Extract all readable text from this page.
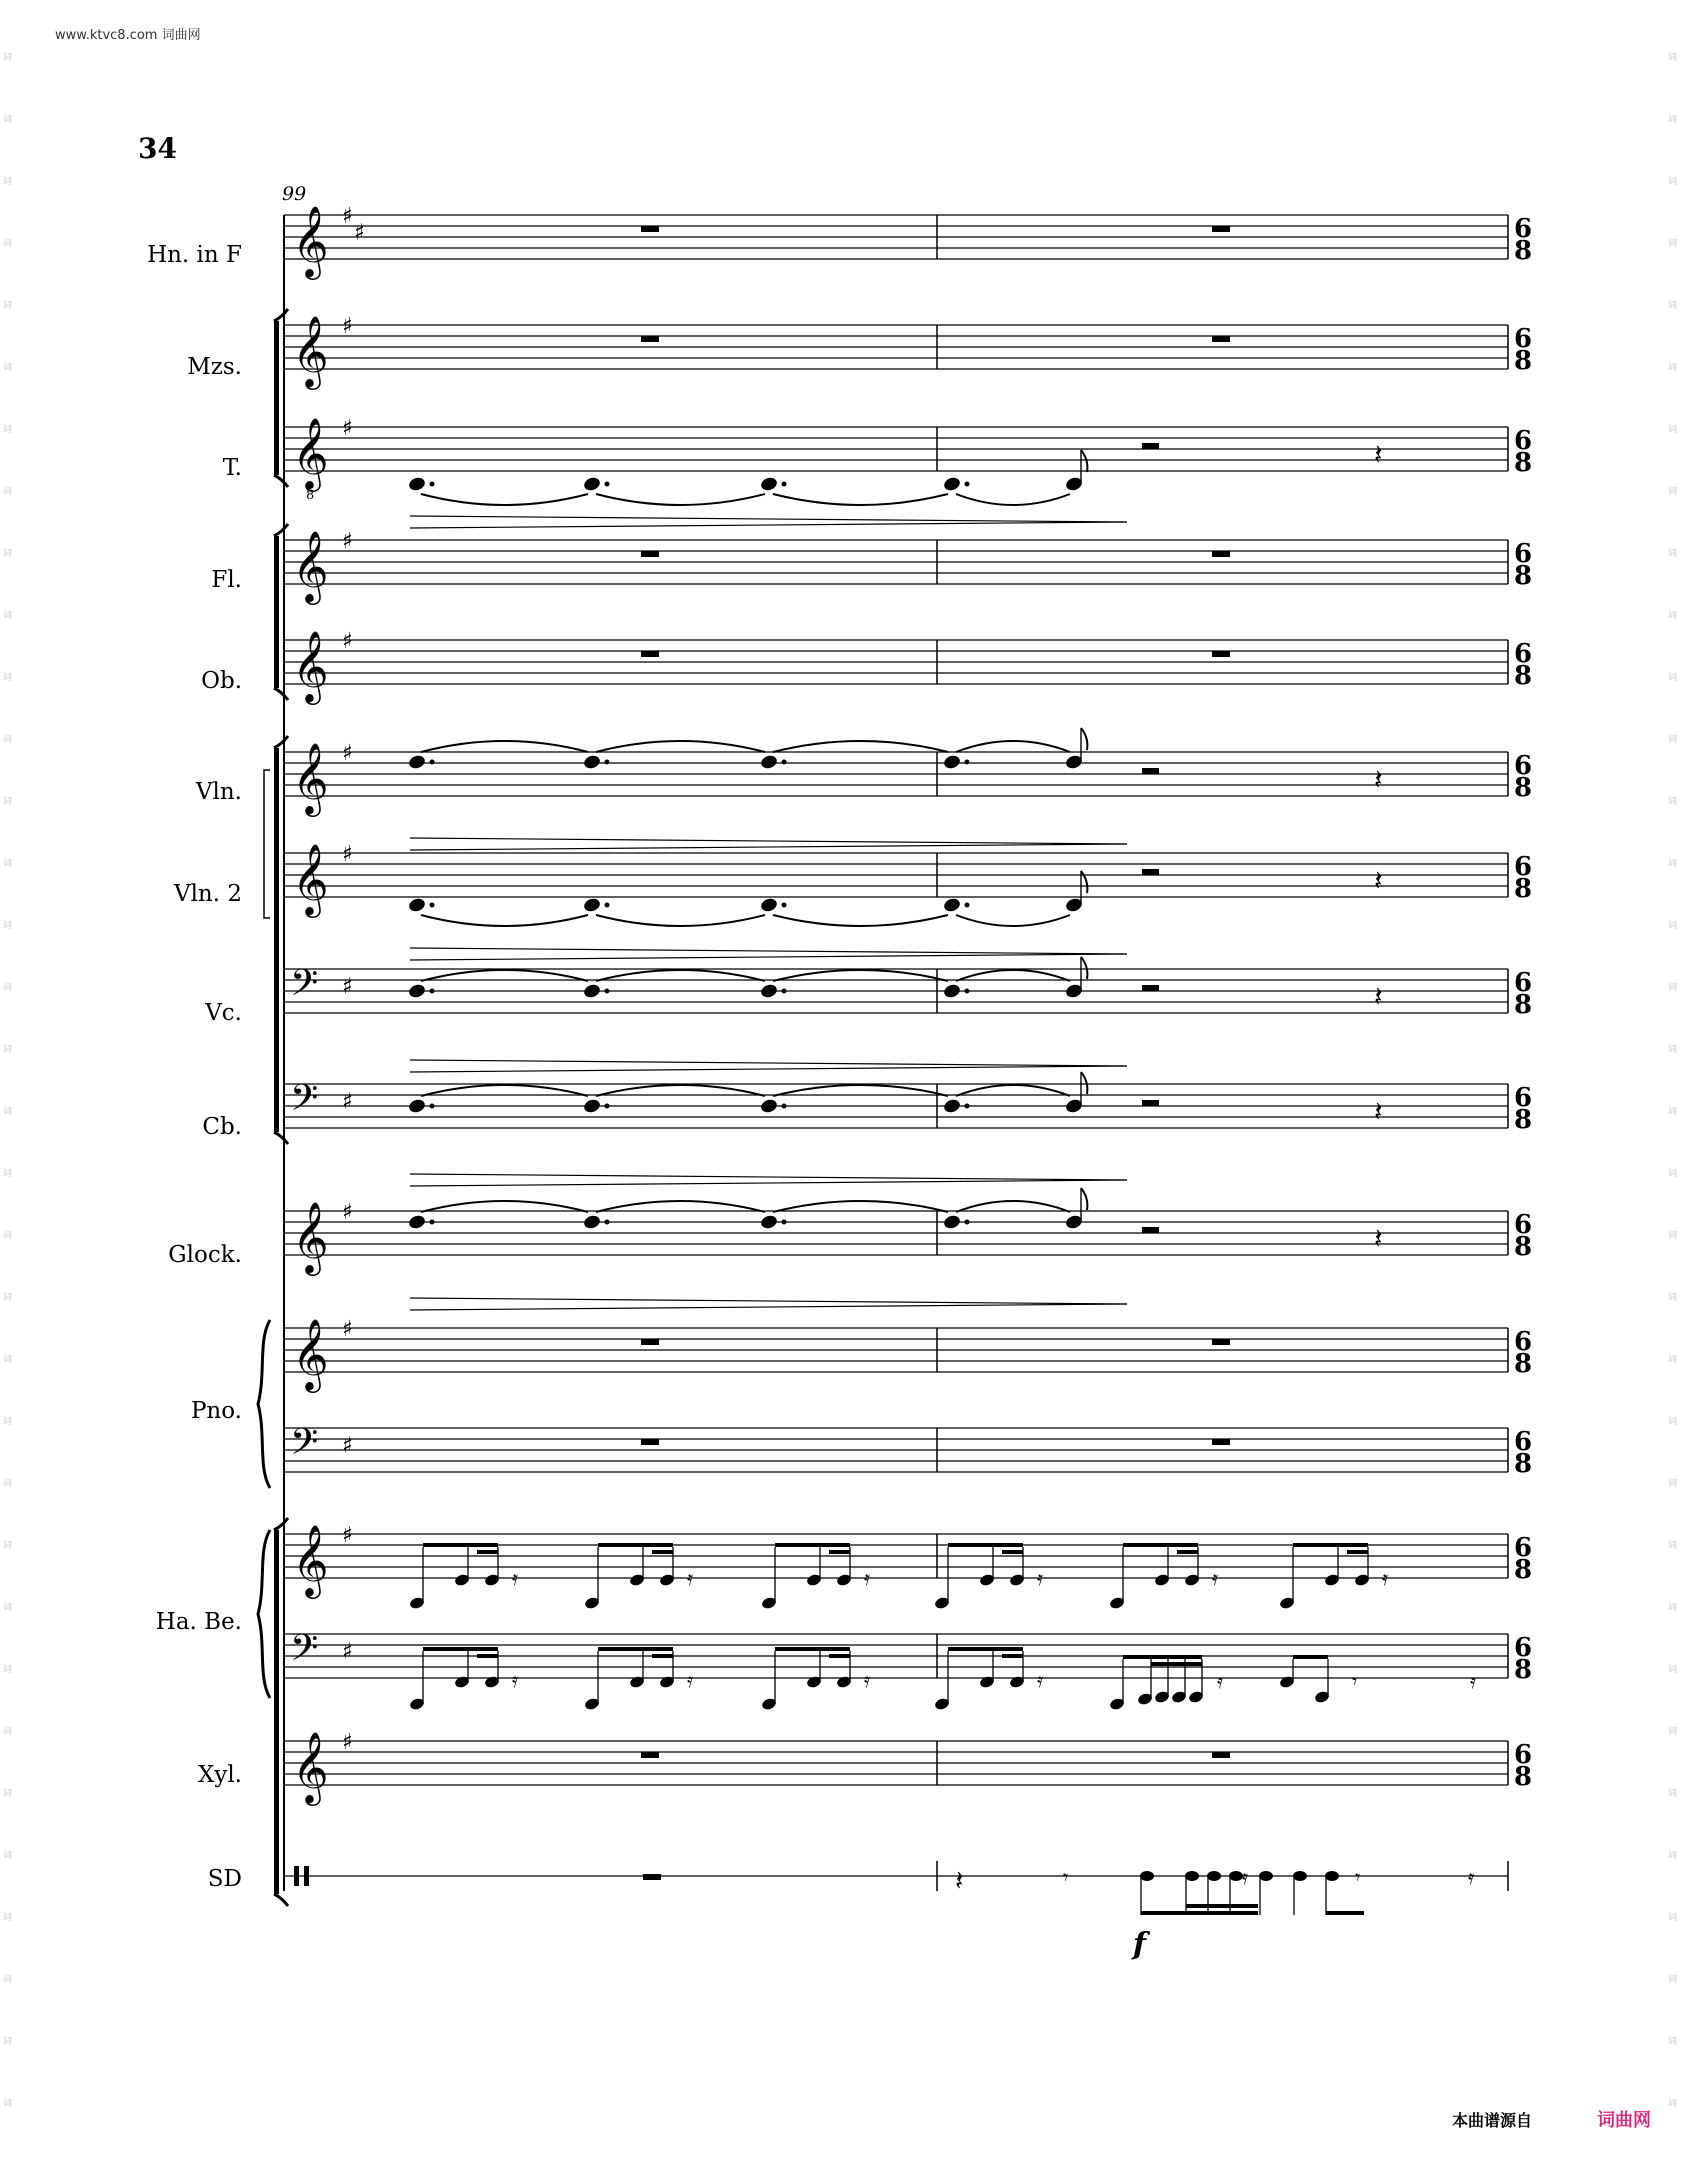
词	词
词	词
词	词
词	词
词	词
词	词
词	词
词	词
词	词
词	词
词	词
词	词
词	词
词	词
词	词
词	词
词	词
词	词
词	词
词	词
词	词
词	词
词	词
词	词
词	词
词	词
词	词
词	词
词	词
词	词
词	词
词	词
词	词
词	词
𝄞 ♯
♯	6
8
𝄞 ♯	6
8
𝄞
8
♯	6
8
𝄞 ♯	6
8
𝄞 ♯	6
8
𝄞 ♯	6
8
𝄞 ♯	6
8
𝄢 ♯	6
8
𝄢 ♯	6
8
𝄞 ♯	6
8
𝄞 ♯	6
8
𝄢 ♯	6
8
𝄞 ♯	6
8
𝄢 ♯	6
8
𝄞 ♯	6
8
𝄽
𝄽
𝄽
𝄽
𝄽
𝄽
𝄿	𝄿	𝄿	𝄿	𝄿	𝄿
𝄿	𝄿	𝄿	𝄿	𝄿	𝄾	𝄿
𝄽	𝄾	𝄿	𝄾	𝄿
f
www.ktvc8.com 词曲网
34
99
Hn. in F
Mzs.
T.
Fl.
Ob.
Vln.
Vln. 2
Vc.
Cb.
Glock.
Pno.
Ha. Be.
Xyl.
SD
本曲谱源自	词曲网
